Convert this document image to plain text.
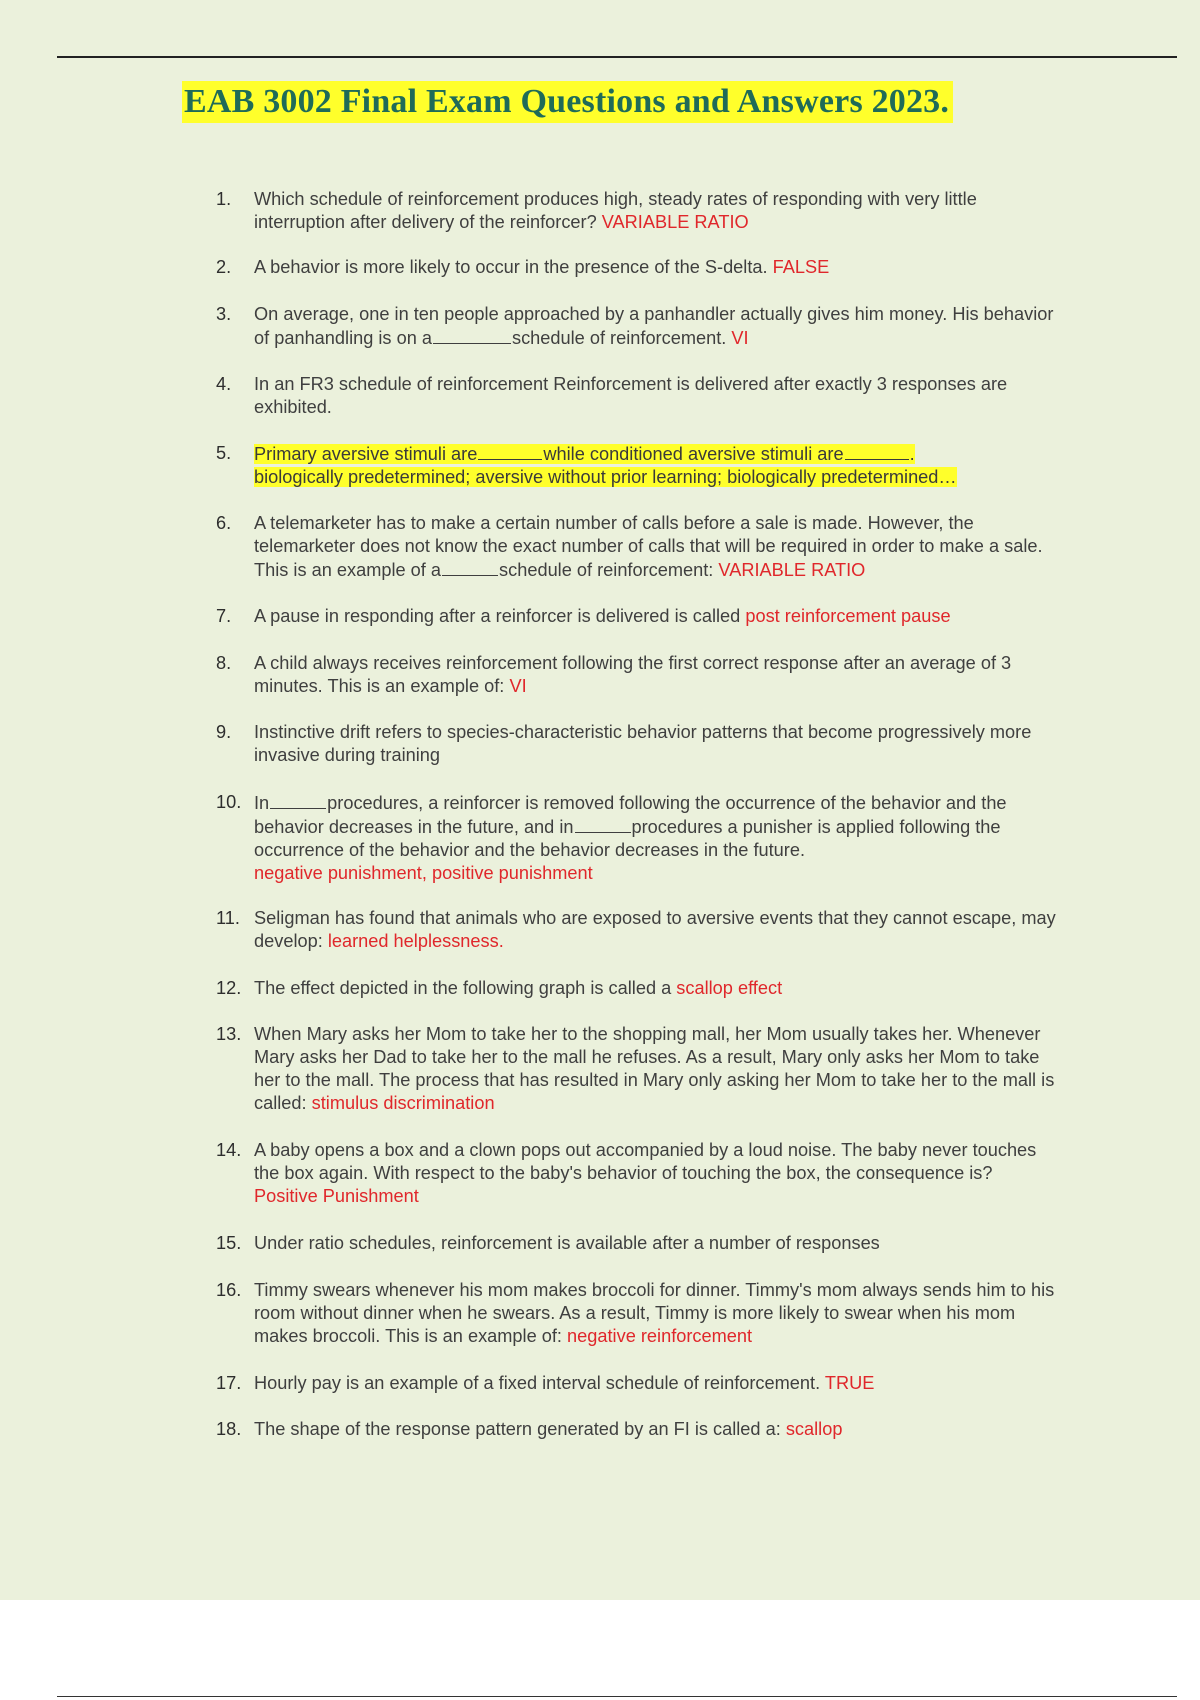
EAB 3002 Final Exam Questions and Answers 2023.
1.	Which schedule of reinforcement produces high, steady rates of responding with very little interruption after delivery of the reinforcer? VARIABLE RATIO
2.	A behavior is more likely to occur in the presence of the S-delta. FALSE
3.	On average, one in ten people approached by a panhandler actually gives him money. His behavior of panhandling is on a	schedule of reinforcement. VI
4.	In an FR3 schedule of reinforcement Reinforcement is delivered after exactly 3 responses are exhibited.
5.	Primary aversive stimuli are	while conditioned aversive stimuli are	.
biologically predetermined; aversive without prior learning; biologically predetermined…
6.	A telemarketer has to make a certain number of calls before a sale is made. However, the telemarketer does not know the exact number of calls that will be required in order to make a sale. This is an example of a	schedule of reinforcement: VARIABLE RATIO
7.	A pause in responding after a reinforcer is delivered is called post reinforcement pause
8.	A child always receives reinforcement following the first correct response after an average of 3 minutes. This is an example of: VI
9.	Instinctive drift refers to species-characteristic behavior patterns that become progressively more invasive during training
10. In	procedures, a reinforcer is removed following the occurrence of the behavior and the behavior decreases in the future, and in	procedures a punisher is applied following the occurrence of the behavior and the behavior decreases in the future.
negative punishment, positive punishment
11. Seligman has found that animals who are exposed to aversive events that they cannot escape, may develop: learned helplessness.
12. The effect depicted in the following graph is called a scallop effect
13. When Mary asks her Mom to take her to the shopping mall, her Mom usually takes her. Whenever Mary asks her Dad to take her to the mall he refuses. As a result, Mary only asks her Mom to take her to the mall. The process that has resulted in Mary only asking her Mom to take her to the mall is called: stimulus discrimination
14. A baby opens a box and a clown pops out accompanied by a loud noise. The baby never touches the box again. With respect to the baby's behavior of touching the box, the consequence is? Positive Punishment
15. Under ratio schedules, reinforcement is available after a number of responses
16. Timmy swears whenever his mom makes broccoli for dinner. Timmy's mom always sends him to his room without dinner when he swears. As a result, Timmy is more likely to swear when his mom makes broccoli. This is an example of: negative reinforcement
17. Hourly pay is an example of a fixed interval schedule of reinforcement. TRUE
18. The shape of the response pattern generated by an FI is called a: scallop
